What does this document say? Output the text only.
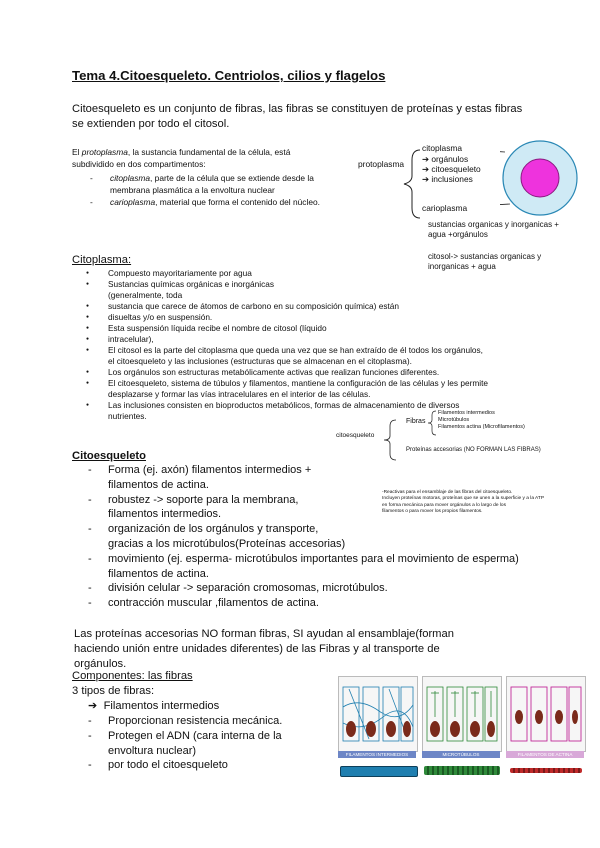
Tema 4.Citoesqueleto. Centriolos, cilios y flagelos
Citoesqueleto es un conjunto de fibras, las fibras se constituyen de proteínas y estas fibras se extienden por todo el citosol.
El protoplasma, la sustancia fundamental de la célula, está subdividido en dos compartimentos:
- citoplasma, parte de la célula que se extiende desde la membrana plasmática a la envoltura nuclear
- carioplasma, material que forma el contenido del núcleo.
protoplasma
citoplasma
➔ orgánulos
➔ citoesqueleto
➔ inclusiones
carioplasma
sustancias organicas y inorganicas + agua +orgánulos
citosol-> sustancias organicas y inorganicas + agua
Citoplasma:
● Compuesto mayoritariamente por agua
● Sustancias químicas orgánicas e inorgánicas
(generalmente, toda
● sustancia que carece de átomos de carbono en su composición química) están
● disueltas y/o en suspensión.
● Esta suspensión líquida recibe el nombre de citosol (líquido
● intracelular),
● El citosol es la parte del citoplasma que queda una vez que se han extraído de él todos los orgánulos,
el citoesqueleto y las inclusiones (estructuras que se almacenan en el citoplasma).
● Los orgánulos son estructuras metabólicamente activas que realizan funciones diferentes.
● El citoesqueleto, sistema de túbulos y filamentos, mantiene la configuración de las células y les permite
desplazarse y formar las vías intracelulares en el interior de las células.
● Las inclusiones consisten en bioproductos metabólicos, formas de almacenamiento de diversos
nutrientes.
Citoesqueleto
- Forma (ej. axón) filamentos intermedios +
filamentos de actina.
- robustez -> soporte para la membrana,
filamentos intermedios.
- organización de los orgánulos y transporte,
gracias a los microtúbulos(Proteínas accesorias)
- movimiento (ej. esperma- microtúbulos importantes para el movimiento de esperma)
filamentos de actina.
- división celular -> separación cromosomas, microtúbulos.
- contracción muscular ,filamentos de actina.
citoesqueleto
Fibras
Filamentos intermedios
Microtúbulos
Filamentos actina (Microfilamentos)
Proteínas accesorias (NO FORMAN LAS FIBRAS)
-Reactivas para el ensamblaje de las fibras del citoesqueleto.
Incluyen proteínas motoras, proteínas que se unen a la superficie y a la ATP
en forma mecánica para mover orgánulos a lo largo de los
filamentos o para mover los propios filamentos.
Las proteínas accesorias NO forman fibras, SI ayudan al ensamblaje(forman haciendo unión entre unidades diferentes) de las Fibras y al transporte de orgánulos.
Componentes: las fibras
3 tipos de fibras:
➔  Filamentos intermedios
- Proporcionan resistencia mecánica.
- Protegen el ADN (cara interna de la
envoltura nuclear)
- por todo el citoesqueleto
FILAMENTOS INTERMEDIOS	MICROTÚBULOS	FILAMENTOS DE ACTINA
